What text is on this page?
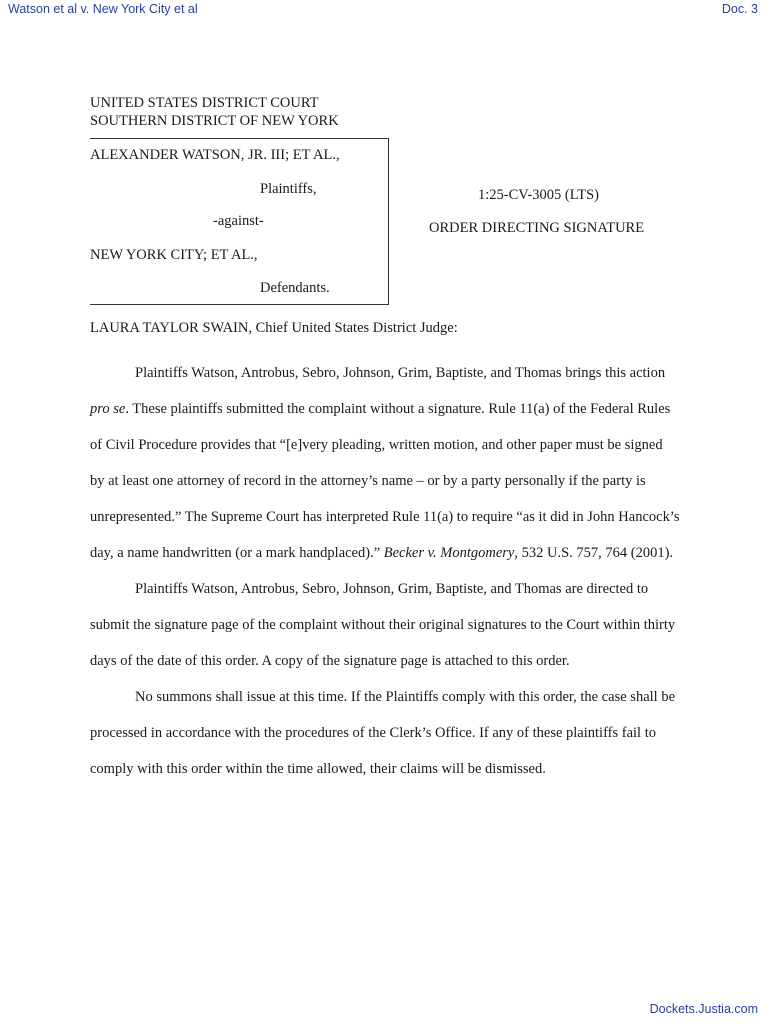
Watson et al v. New York City et al	Doc. 3
UNITED STATES DISTRICT COURT
SOUTHERN DISTRICT OF NEW YORK
ALEXANDER WATSON, JR. III; ET AL.,
Plaintiffs,
-against-
NEW YORK CITY; ET AL.,
Defendants.
1:25-CV-3005 (LTS)
ORDER DIRECTING SIGNATURE
LAURA TAYLOR SWAIN, Chief United States District Judge:

Plaintiffs Watson, Antrobus, Sebro, Johnson, Grim, Baptiste, and Thomas brings this action pro se. These plaintiffs submitted the complaint without a signature. Rule 11(a) of the Federal Rules of Civil Procedure provides that “[e]very pleading, written motion, and other paper must be signed by at least one attorney of record in the attorney’s name – or by a party personally if the party is unrepresented.” The Supreme Court has interpreted Rule 11(a) to require “as it did in John Hancock’s day, a name handwritten (or a mark handplaced).” Becker v. Montgomery, 532 U.S. 757, 764 (2001).

Plaintiffs Watson, Antrobus, Sebro, Johnson, Grim, Baptiste, and Thomas are directed to submit the signature page of the complaint without their original signatures to the Court within thirty days of the date of this order. A copy of the signature page is attached to this order.

No summons shall issue at this time. If the Plaintiffs comply with this order, the case shall be processed in accordance with the procedures of the Clerk’s Office. If any of these plaintiffs fail to comply with this order within the time allowed, their claims will be dismissed.

Dockets.Justia.com
